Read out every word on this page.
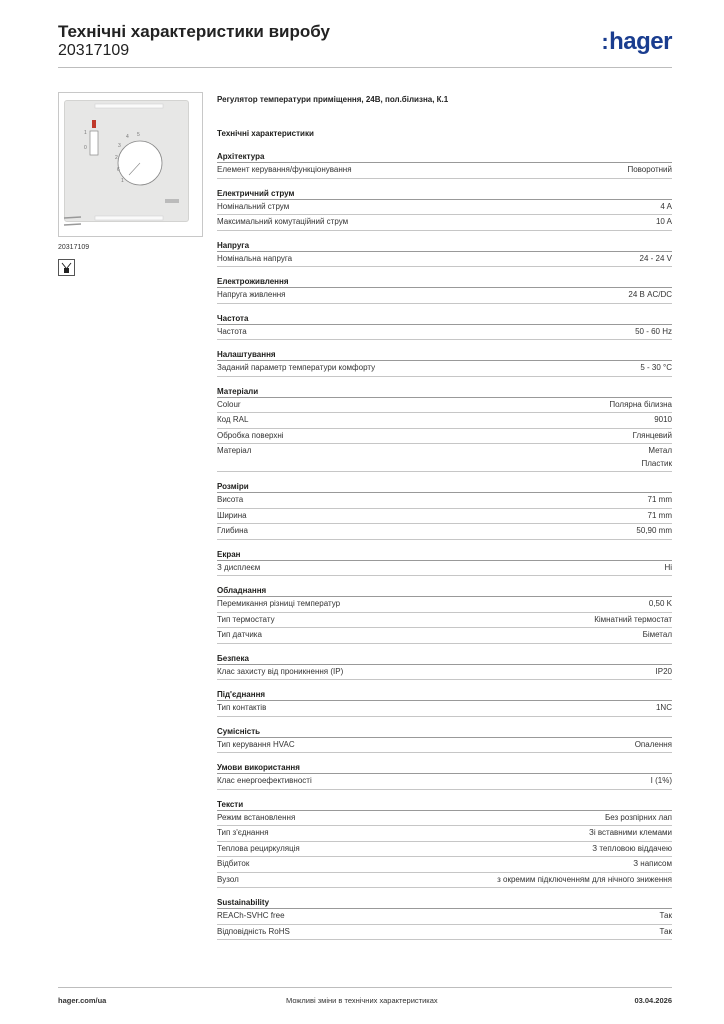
Технічні характеристики виробу
20317109	:hager
1
0
4 5
3
2
6
1
20317109
Регулятор температури приміщення, 24В, пол.білизна, К.1
Технічні характеристики
Архітектура
Елемент керування/функціонування	Поворотний
Електричний струм
Номінальний струм	4 A
Максимальний комутаційний струм	10 A
Напруга
Номінальна напруга	24 - 24 V
Електроживлення
Напруга живлення	24 В AC/DC
Частота
Частота	50 - 60 Hz
Налаштування
Заданий параметр температури комфорту	5 - 30 °C
Матеріали
Colour	Полярна білизна
Код RAL	9010
Обробка поверхні	Глянцевий
Матеріал	Метал
Пластик
Розміри
Висота	71 mm
Ширина	71 mm
Глибина	50,90 mm
Екран
З дисплеєм	Hi
Обладнання
Перемикання різниці температур	0,50 K
Тип термостату	Кімнатний термостат
Тип датчика	Біметал
Безпека
Клас захисту від проникнення (IP)	IP20
Під'єднання
Тип контактів	1NC
Сумісність
Тип керування HVAC	Опалення
Умови використання
Клас енергоефективності	I (1%)
Тексти
Режим встановлення	Без розпірних лап
Тип з'єднання	Зі вставними клемами
Теплова рециркуляція	З тепловою віддачею
Відбиток	З написом
Вузол	з окремим підключенням для нічного зниження
Sustainability
REACh-SVHC free	Так
Відповідність RoHS	Так
hager.com/ua	Можливі зміни в технічних характеристиках	03.04.2026
